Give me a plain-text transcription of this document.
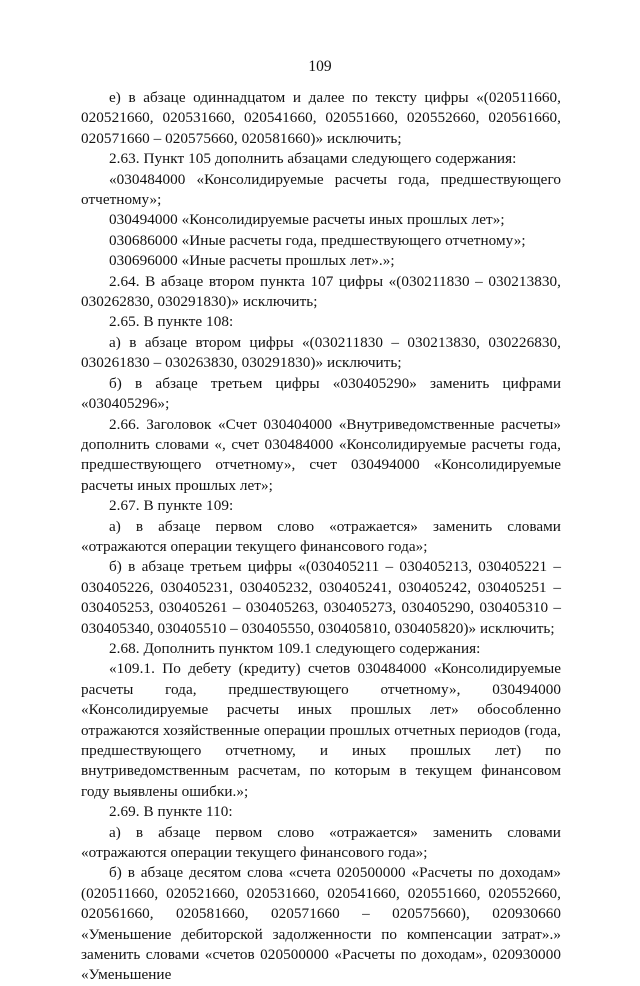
109

е) в абзаце одиннадцатом и далее по тексту цифры «(020511660, 020521660, 020531660, 020541660, 020551660, 020552660, 020561660, 020571660 – 020575660, 020581660)» исключить;

2.63. Пункт 105 дополнить абзацами следующего содержания:

«030484000 «Консолидируемые расчеты года, предшествующего отчетному»;

030494000 «Консолидируемые расчеты иных прошлых лет»;

030686000 «Иные расчеты года, предшествующего отчетному»;

030696000 «Иные расчеты прошлых лет».»;

2.64. В абзаце втором пункта 107 цифры «(030211830 – 030213830, 030262830, 030291830)» исключить;

2.65. В пункте 108:

а) в абзаце втором цифры «(030211830 – 030213830, 030226830, 030261830 – 030263830, 030291830)» исключить;

б) в абзаце третьем цифры «030405290» заменить цифрами «030405296»;

2.66. Заголовок «Счет 030404000 «Внутриведомственные расчеты» дополнить словами «, счет 030484000 «Консолидируемые расчеты года, предшествующего отчетному», счет 030494000 «Консолидируемые расчеты иных прошлых лет»;

2.67. В пункте 109:

а) в абзаце первом слово «отражается» заменить словами «отражаются операции текущего финансового года»;

б) в абзаце третьем цифры «(030405211 – 030405213, 030405221 – 030405226, 030405231, 030405232, 030405241, 030405242, 030405251 – 030405253, 030405261 – 030405263, 030405273, 030405290, 030405310 – 030405340, 030405510 – 030405550, 030405810, 030405820)» исключить;

2.68. Дополнить пунктом 109.1 следующего содержания:

«109.1. По дебету (кредиту) счетов 030484000 «Консолидируемые расчеты года, предшествующего отчетному», 030494000 «Консолидируемые расчеты иных прошлых лет» обособленно отражаются хозяйственные операции прошлых отчетных периодов (года, предшествующего отчетному, и иных прошлых лет) по внутриведомственным расчетам, по которым в текущем финансовом году выявлены ошибки.»;

2.69. В пункте 110:

а) в абзаце первом слово «отражается» заменить словами «отражаются операции текущего финансового года»;

б) в абзаце десятом слова «счета 020500000 «Расчеты по доходам» (020511660, 020521660, 020531660, 020541660, 020551660, 020552660, 020561660, 020581660, 020571660 – 020575660), 020930660 «Уменьшение дебиторской задолженности по компенсации затрат».» заменить словами «счетов 020500000 «Расчеты по доходам», 020930000 «Уменьшение
